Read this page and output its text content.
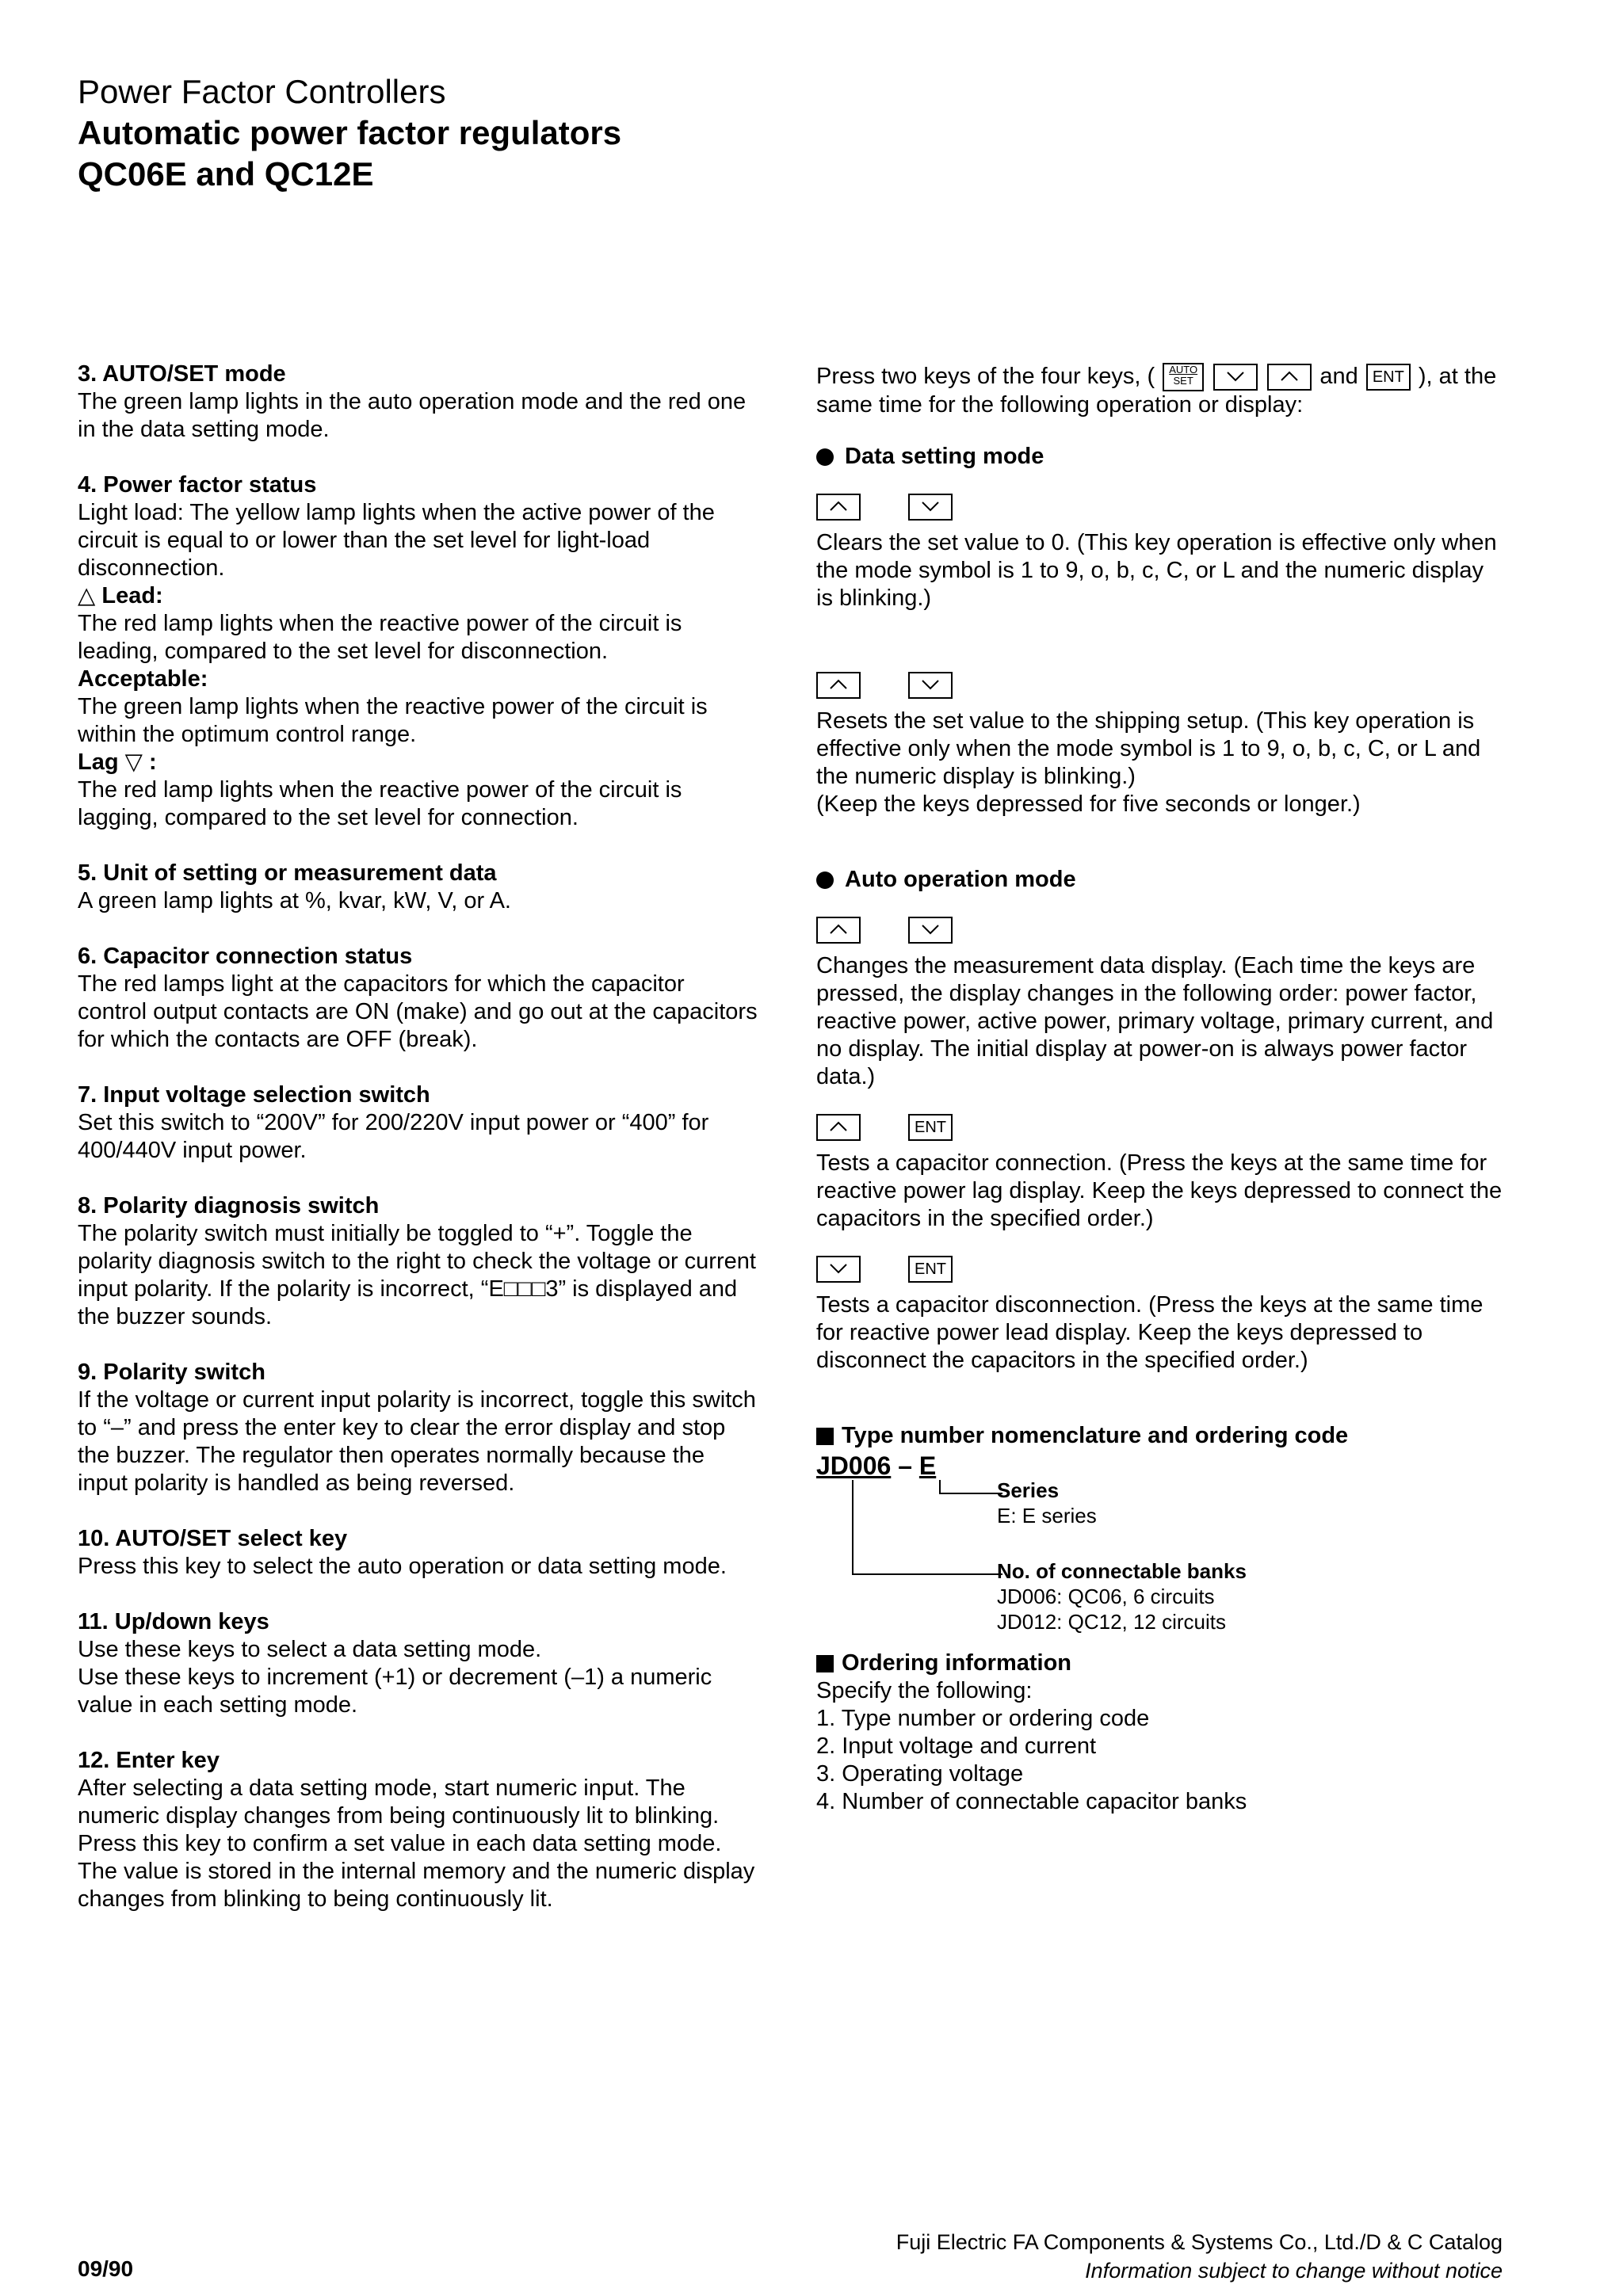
Power Factor Controllers
Automatic power factor regulators
QC06E and QC12E
3. AUTO/SET mode

The green lamp lights in the auto operation mode and the red one in the data setting mode.

4. Power factor status

Light load: The yellow lamp lights when the active power of the circuit is equal to or lower than the set level for light-load disconnection.

△ Lead:

The red lamp lights when the reactive power of the circuit is leading, compared to the set level for disconnection.

Acceptable:

The green lamp lights when the reactive power of the circuit is within the optimum control range.

Lag ▽ :

The red lamp lights when the reactive power of the circuit is lagging, compared to the set level for connection.

5. Unit of setting or measurement data

A green lamp lights at %, kvar, kW, V, or A.

6. Capacitor connection status

The red lamps light at the capacitors for which the capacitor control output contacts are ON (make) and go out at the capacitors for which the contacts are OFF (break).

7. Input voltage selection switch

Set this switch to “200V” for 200/220V input power or “400” for 400/440V input power.

8. Polarity diagnosis switch

The polarity switch must initially be toggled to “+”. Toggle the polarity diagnosis switch to the right to check the voltage or current input polarity. If the polarity is incorrect, “E□□□3” is displayed and the buzzer sounds.

9. Polarity switch

If the voltage or current input polarity is incorrect, toggle this switch to “–” and press the enter key to clear the error display and stop the buzzer. The regulator then operates normally because the input polarity is handled as being reversed.

10. AUTO/SET select key

Press this key to select the auto operation or data setting mode.

11. Up/down keys

Use these keys to select a data setting mode.

Use these keys to increment (+1) or decrement (–1) a numeric value in each setting mode.

12. Enter key

After selecting a data setting mode, start numeric input. The numeric display changes from being continuously lit to blinking.

Press this key to confirm a set value in each data setting mode. The value is stored in the internal memory and the numeric display changes from blinking to being continuously lit.

Press two keys of the four keys, (	AUTO
SET

	and ENT ), at the same time for the following operation or display:

Data setting mode

Clears the set value to 0. (This key operation is effective only when the mode symbol is 1 to 9, o, b, c, C, or L and the numeric display is blinking.)

Resets the set value to the shipping setup. (This key operation is effective only when the mode symbol is 1 to 9, o, b, c, C, or L and the numeric display is blinking.)

(Keep the keys depressed for five seconds or longer.)

Auto operation mode

Changes the measurement data display. (Each time the keys are pressed, the display changes in the following order: power factor, reactive power, active power, primary voltage, primary current, and no display. The initial display at power-on is always power factor data.)

ENT

Tests a capacitor connection. (Press the keys at the same time for reactive power lag display. Keep the keys depressed to connect the capacitors in the specified order.)

ENT

Tests a capacitor disconnection. (Press the keys at the same time for reactive power lead display. Keep the keys depressed to disconnect the capacitors in the specified order.)

Type number nomenclature and ordering code
JD006 – E
Series
E: E series
No. of connectable banks
JD006: QC06, 6 circuits
JD012: QC12, 12 circuits
Ordering information

Specify the following:

1. Type number or ordering code

2. Input voltage and current

3. Operating voltage

4. Number of connectable capacitor banks

09/90
Fuji Electric FA Components & Systems Co., Ltd./D & C Catalog
Information subject to change without notice
